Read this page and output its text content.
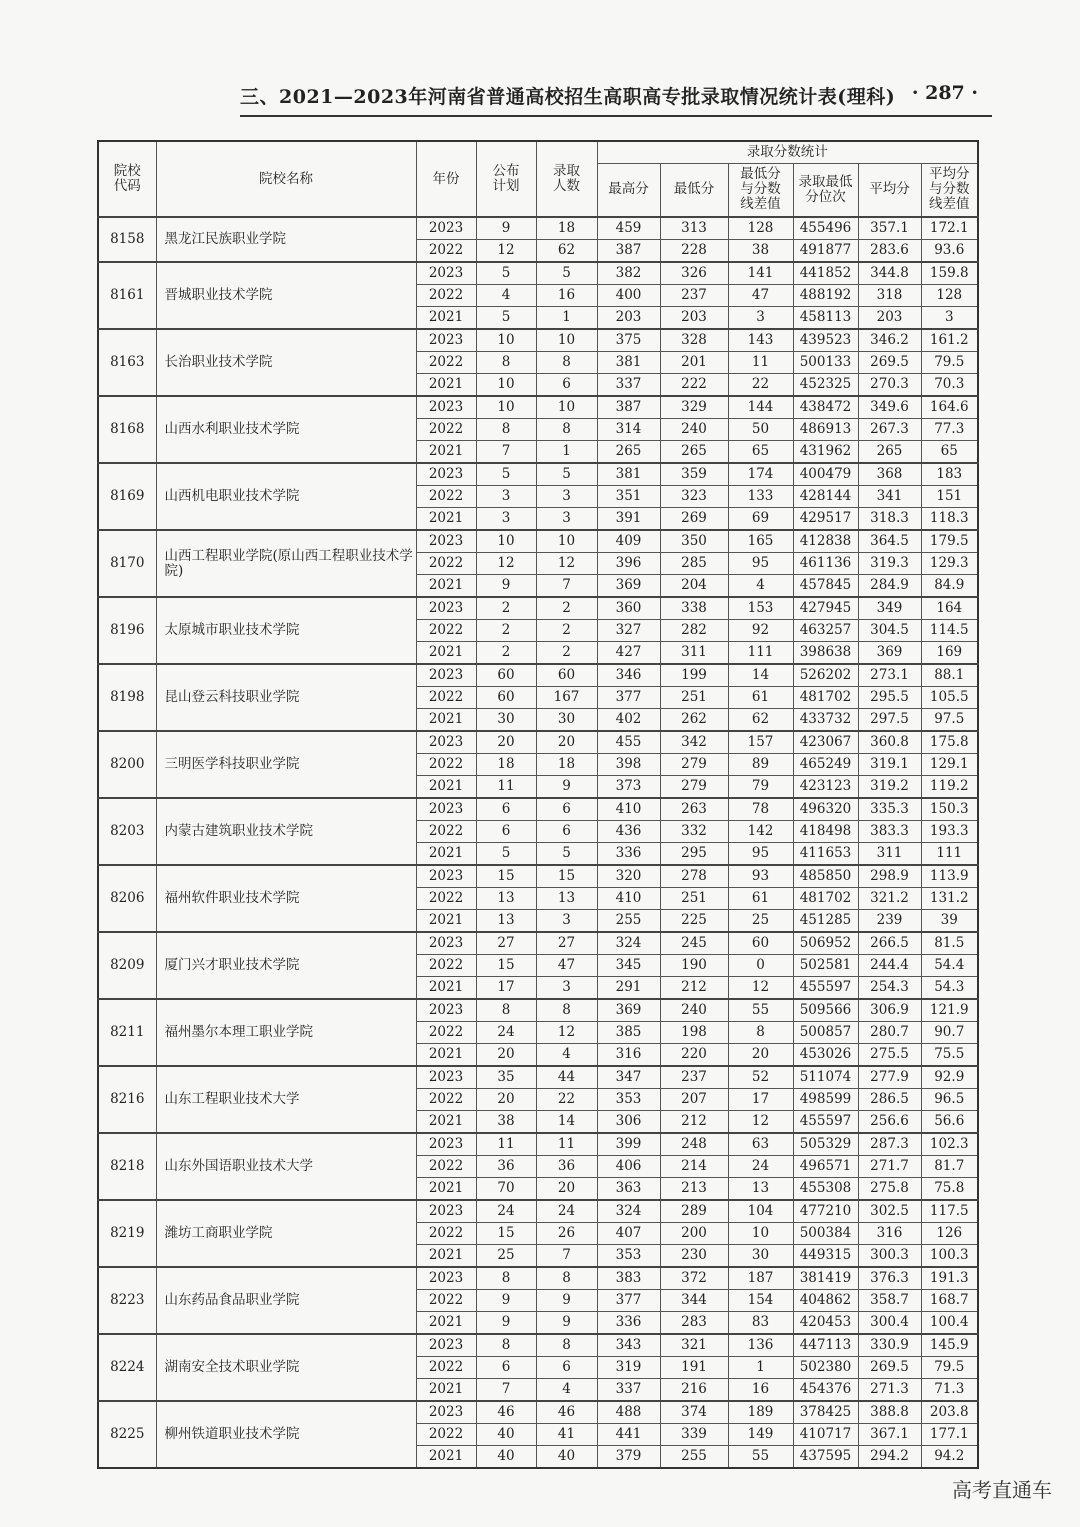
三、2021—2023年河南省普通高校招生高职高专批录取情况统计表(理科) · 287 ·
院校代码	院校名称	年份	公布计划	录取人数	录取分数统计					
					最高分	最低分	最低分与分数线差值	录取最低分位次	平均分	平均分与分数线差值
8158	黑龙江民族职业学院	2023	9	18	459	313	128	455496	357.1	172.1
		2022	12	62	387	228	38	491877	283.6	93.6
8161	晋城职业技术学院	2023	5	5	382	326	141	441852	344.8	159.8
		2022	4	16	400	237	47	488192	318	128
		2021	5	1	203	203	3	458113	203	3
8163	长治职业技术学院	2023	10	10	375	328	143	439523	346.2	161.2
		2022	8	8	381	201	11	500133	269.5	79.5
		2021	10	6	337	222	22	452325	270.3	70.3
8168	山西水利职业技术学院	2023	10	10	387	329	144	438472	349.6	164.6
		2022	8	8	314	240	50	486913	267.3	77.3
		2021	7	1	265	265	65	431962	265	65
8169	山西机电职业技术学院	2023	5	5	381	359	174	400479	368	183
		2022	3	3	351	323	133	428144	341	151
		2021	3	3	391	269	69	429517	318.3	118.3
8170	山西工程职业学院(原山西工程职业技术学院)	2023	10	10	409	350	165	412838	364.5	179.5
		2022	12	12	396	285	95	461136	319.3	129.3
		2021	9	7	369	204	4	457845	284.9	84.9
8196	太原城市职业技术学院	2023	2	2	360	338	153	427945	349	164
		2022	2	2	327	282	92	463257	304.5	114.5
		2021	2	2	427	311	111	398638	369	169
8198	昆山登云科技职业学院	2023	60	60	346	199	14	526202	273.1	88.1
		2022	60	167	377	251	61	481702	295.5	105.5
		2021	30	30	402	262	62	433732	297.5	97.5
8200	三明医学科技职业学院	2023	20	20	455	342	157	423067	360.8	175.8
		2022	18	18	398	279	89	465249	319.1	129.1
		2021	11	9	373	279	79	423123	319.2	119.2
8203	内蒙古建筑职业技术学院	2023	6	6	410	263	78	496320	335.3	150.3
		2022	6	6	436	332	142	418498	383.3	193.3
		2021	5	5	336	295	95	411653	311	111
8206	福州软件职业技术学院	2023	15	15	320	278	93	485850	298.9	113.9
		2022	13	13	410	251	61	481702	321.2	131.2
		2021	13	3	255	225	25	451285	239	39
8209	厦门兴才职业技术学院	2023	27	27	324	245	60	506952	266.5	81.5
		2022	15	47	345	190	0	502581	244.4	54.4
		2021	17	3	291	212	12	455597	254.3	54.3
8211	福州墨尔本理工职业学院	2023	8	8	369	240	55	509566	306.9	121.9
		2022	24	12	385	198	8	500857	280.7	90.7
		2021	20	4	316	220	20	453026	275.5	75.5
8216	山东工程职业技术大学	2023	35	44	347	237	52	511074	277.9	92.9
		2022	20	22	353	207	17	498599	286.5	96.5
		2021	38	14	306	212	12	455597	256.6	56.6
8218	山东外国语职业技术大学	2023	11	11	399	248	63	505329	287.3	102.3
		2022	36	36	406	214	24	496571	271.7	81.7
		2021	70	20	363	213	13	455308	275.8	75.8
8219	潍坊工商职业学院	2023	24	24	324	289	104	477210	302.5	117.5
		2022	15	26	407	200	10	500384	316	126
		2021	25	7	353	230	30	449315	300.3	100.3
8223	山东药品食品职业学院	2023	8	8	383	372	187	381419	376.3	191.3
		2022	9	9	377	344	154	404862	358.7	168.7
		2021	9	9	336	283	83	420453	300.4	100.4
8224	湖南安全技术职业学院	2023	8	8	343	321	136	447113	330.9	145.9
		2022	6	6	319	191	1	502380	269.5	79.5
		2021	7	4	337	216	16	454376	271.3	71.3
8225	柳州铁道职业技术学院	2023	46	46	488	374	189	378425	388.8	203.8
		2022	40	41	441	339	149	410717	367.1	177.1
		2021	40	40	379	255	55	437595	294.2	94.2
高考直通车
